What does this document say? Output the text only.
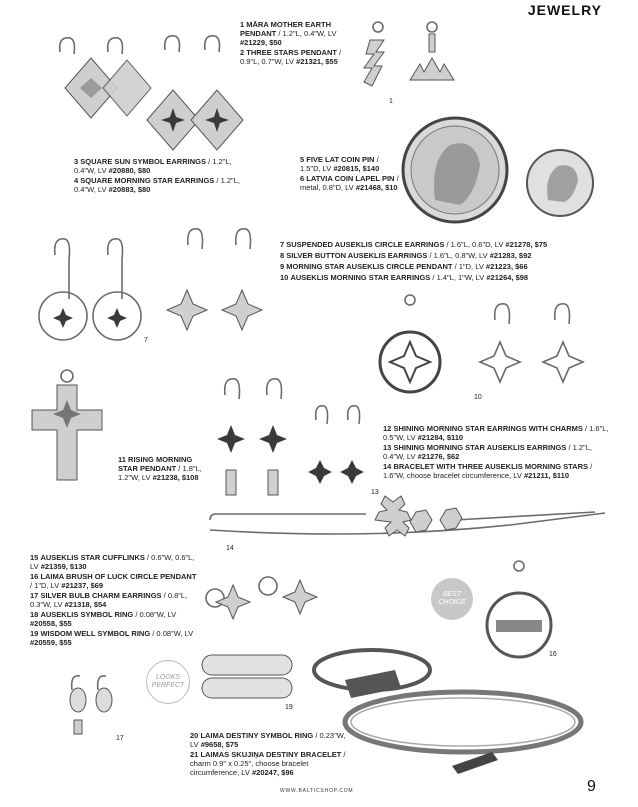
JEWELRY
BEST CHOICE
LOOKS PERFECT
1 MĀRA MOTHER EARTH PENDANT / 1.2"L, 0.4"W, LV #21229, $50
2 THREE STARS PENDANT / 0.9"L, 0.7"W, LV #21321, $55
3 SQUARE SUN SYMBOL EARRINGS / 1.2"L, 0.4"W, LV #20880, $80
4 SQUARE MORNING STAR EARRINGS / 1.2"L, 0.4"W, LV #20883, $80
5 FIVE LAT COIN PIN / 1.5"D, LV #20815, $140
6 LATVIA COIN LAPEL PIN / metal, 0.8"D, LV #21468, $10
7 SUSPENDED AUSEKLIS CIRCLE EARRINGS / 1.6"L, 0.6"D, LV #21278, $75
8 SILVER BUTTON AUSEKLIS EARRINGS / 1.6"L, 0.8"W, LV #21283, $92
9 MORNING STAR AUSEKLIS CIRCLE PENDANT / 1"D, LV #21223, $66
10 AUSEKLIS MORNING STAR EARRINGS / 1.4"L, 1"W, LV #21264, $98
11 RISING MORNING STAR PENDANT / 1.8"L, 1.2"W, LV #21238, $108
12 SHINING MORNING STAR EARRINGS WITH CHARMS / 1.6"L, 0.5"W, LV #21284, $110
13 SHINING MORNING STAR AUSEKLIS EARRINGS / 1.2"L, 0.4"W, LV #21276, $62
14 BRACELET WITH THREE AUSEKLIS MORNING STARS / 1.6"W, choose bracelet circumference, LV #21211, $110
15 AUSEKLIS STAR CUFFLINKS / 0.6"W, 0.6"L, LV #21359, $130
16 LAIMA BRUSH OF LUCK CIRCLE PENDANT / 1"D, LV #21237, $69
17 SILVER BULB CHARM EARRINGS / 0.8"L, 0.3"W, LV #21318, $54
18 AUSEKLIS SYMBOL RING / 0.08"W, LV #20558, $55
19 WISDOM WELL SYMBOL RING / 0.08"W, LV #20559, $55
20 LAIMA DESTINY SYMBOL RING / 0.23"W, LV #9658, $75
21 LAIMAS SKUJIŅA DESTINY BRACELET / charm 0.9" x 0.25", choose bracelet circumference, LV #20247, $96
1
7
10
13
14
16
17
19
WWW.BALTICSHOP.COM	9
